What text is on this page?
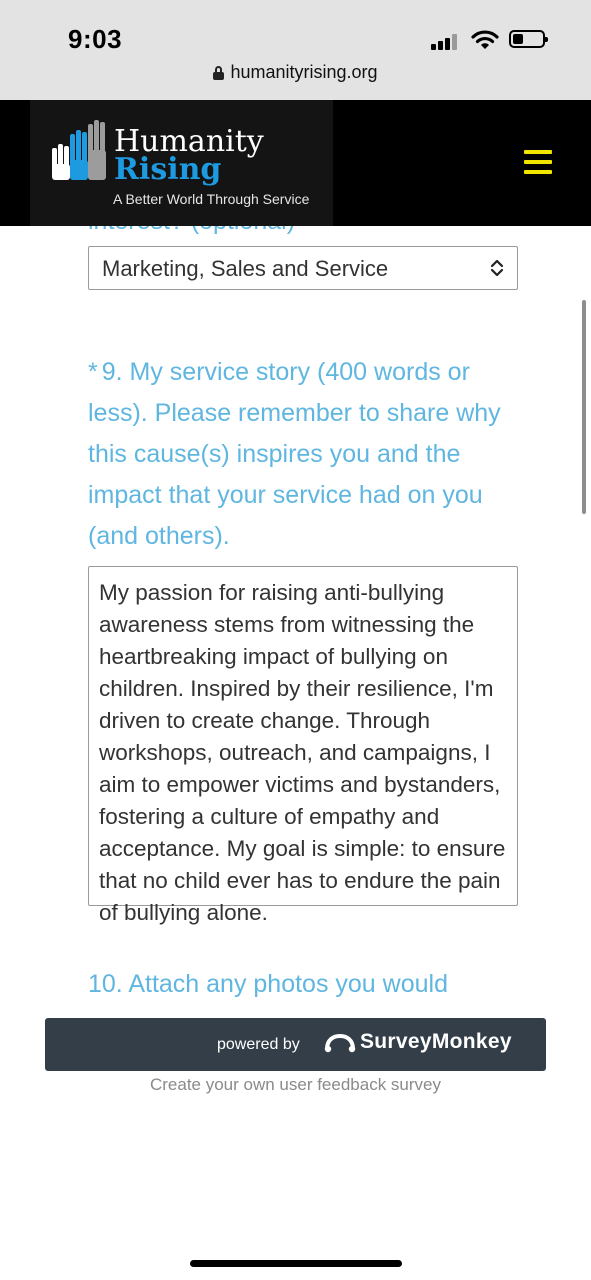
9:03
humanityrising.org
Humanity
Rising
A Better World Through Service
Marketing, Sales and Service
* 9. My service story (400 words or less). Please remember to share why this cause(s) inspires you and the impact that your service had on you (and others).
My passion for raising anti-bullying awareness stems from witnessing the heartbreaking impact of bullying on children. Inspired by their resilience, I'm driven to create change. Through workshops, outreach, and campaigns, I aim to empower victims and bystanders, fostering a culture of empathy and acceptance. My goal is simple: to ensure that no child ever has to endure the pain of bullying alone.
10. Attach any photos you would
powered by	SurveyMonkey
Create your own user feedback survey
